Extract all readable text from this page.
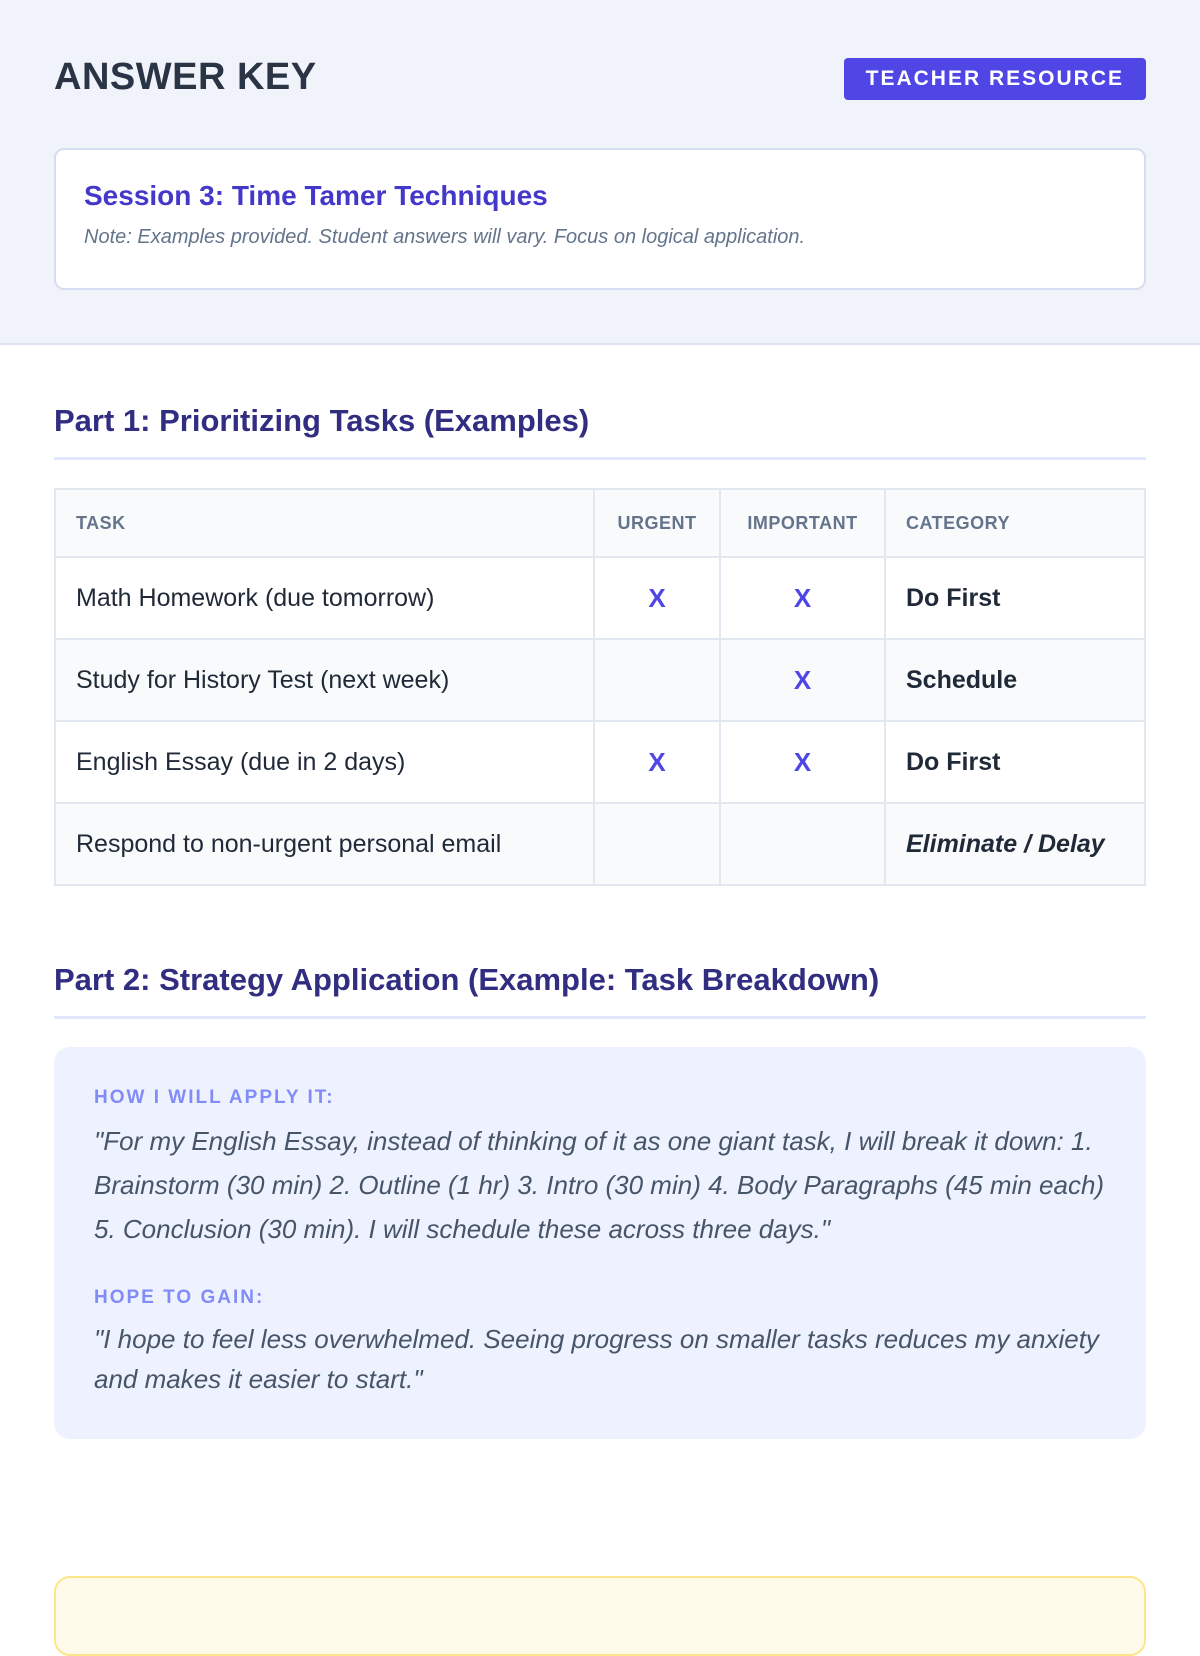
ANSWER KEY	TEACHER RESOURCE
Session 3: Time Tamer Techniques
Note: Examples provided. Student answers will vary. Focus on logical application.
Part 1: Prioritizing Tasks (Examples)
TASK	URGENT	IMPORTANT	CATEGORY
Math Homework (due tomorrow)	X	X	Do First
Study for History Test (next week)		X	Schedule
English Essay (due in 2 days)	X	X	Do First
Respond to non-urgent personal email			Eliminate / Delay
Part 2: Strategy Application (Example: Task Breakdown)
HOW I WILL APPLY IT:

"For my English Essay, instead of thinking of it as one giant task, I will break it down: 1. Brainstorm (30 min) 2. Outline (1 hr) 3. Intro (30 min) 4. Body Paragraphs (45 min each) 5. Conclusion (30 min). I will schedule these across three days."

HOPE TO GAIN:

"I hope to feel less overwhelmed. Seeing progress on smaller tasks reduces my anxiety and makes it easier to start."
